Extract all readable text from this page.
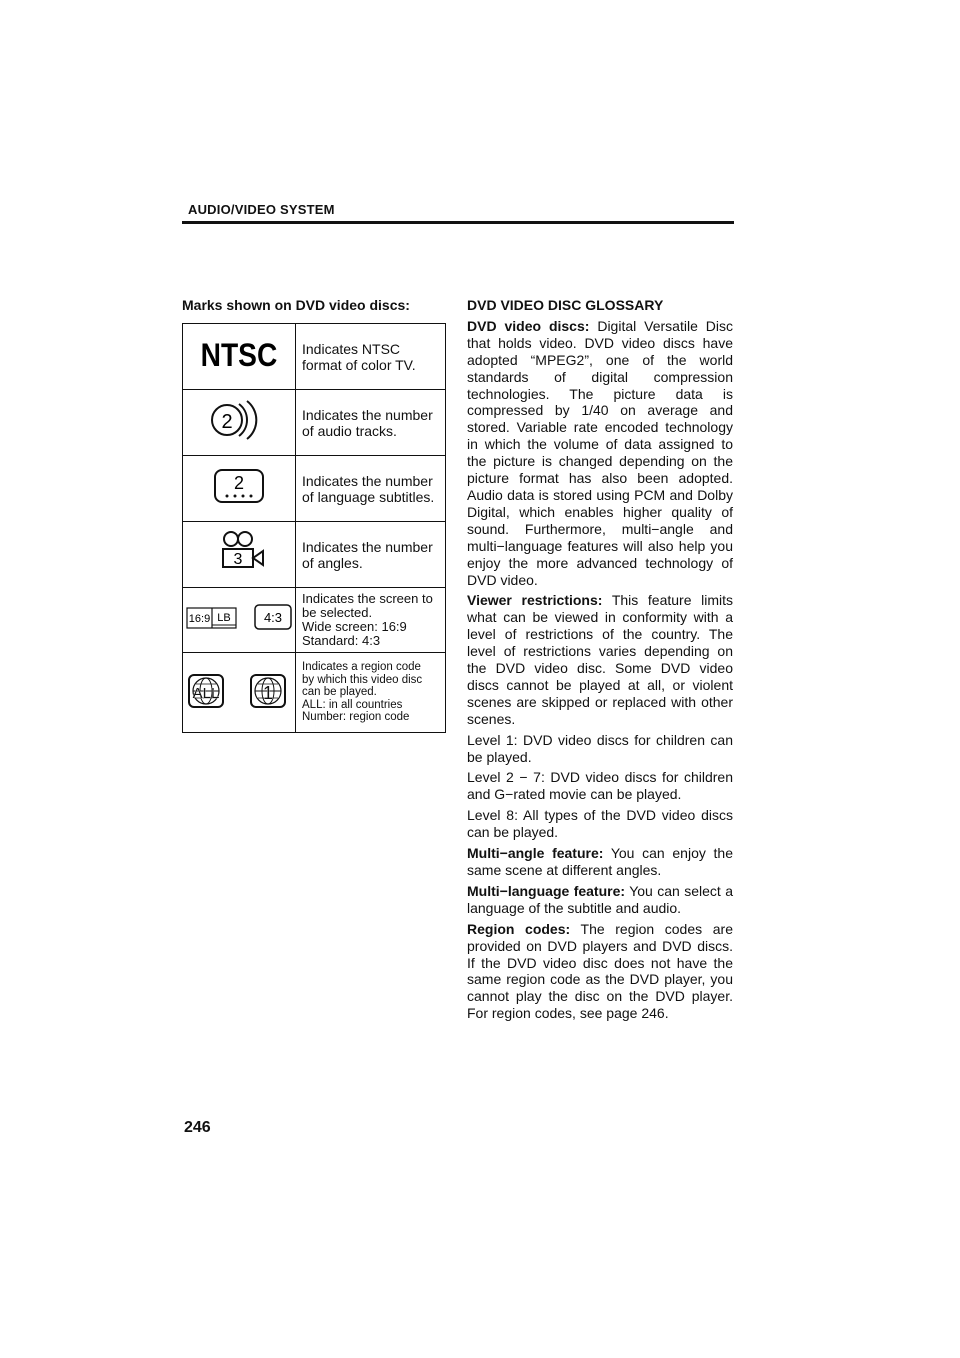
AUDIO/VIDEO SYSTEM
Marks shown on DVD video discs:
NTSC	Indicates NTSC
format of color TV.

2	Indicates the number
of audio tracks.

2	Indicates the number
of language subtitles.

3	Indicates the number
of angles.

16:9 LB 4:3	Indicates the screen to
be selected.
Wide screen: 16:9
Standard: 4:3

ALL 1	Indicates a region code
by which this video disc
can be played.
ALL: in all countries
Number: region code
DVD VIDEO DISC GLOSSARY

DVD video discs: Digital Versatile Disc that holds video. DVD video discs have adopted “MPEG2”, one of the world standards of digital compression technologies. The picture data is compressed by 1/40 on average and stored. Variable rate encoded technology in which the volume of data assigned to the picture is changed depending on the picture format has also been adopted. Audio data is stored using PCM and Dolby Digital, which enables higher quality of sound. Furthermore, multi−angle and multi−language features will also help you enjoy the more advanced technology of DVD video.

Viewer restrictions: This feature limits what can be viewed in conformity with a level of restrictions of the country. The level of restrictions varies depending on the DVD video disc. Some DVD video discs cannot be played at all, or violent scenes are skipped or replaced with other scenes.

Level 1: DVD video discs for children can be played.

Level 2 − 7: DVD video discs for children and G−rated movie can be played.

Level 8: All types of the DVD video discs can be played.

Multi−angle feature: You can enjoy the same scene at different angles.

Multi−language feature: You can select a language of the subtitle and audio.

Region codes: The region codes are provided on DVD players and DVD discs. If the DVD video disc does not have the same region code as the DVD player, you cannot play the disc on the DVD player. For region codes, see page 246.

246
